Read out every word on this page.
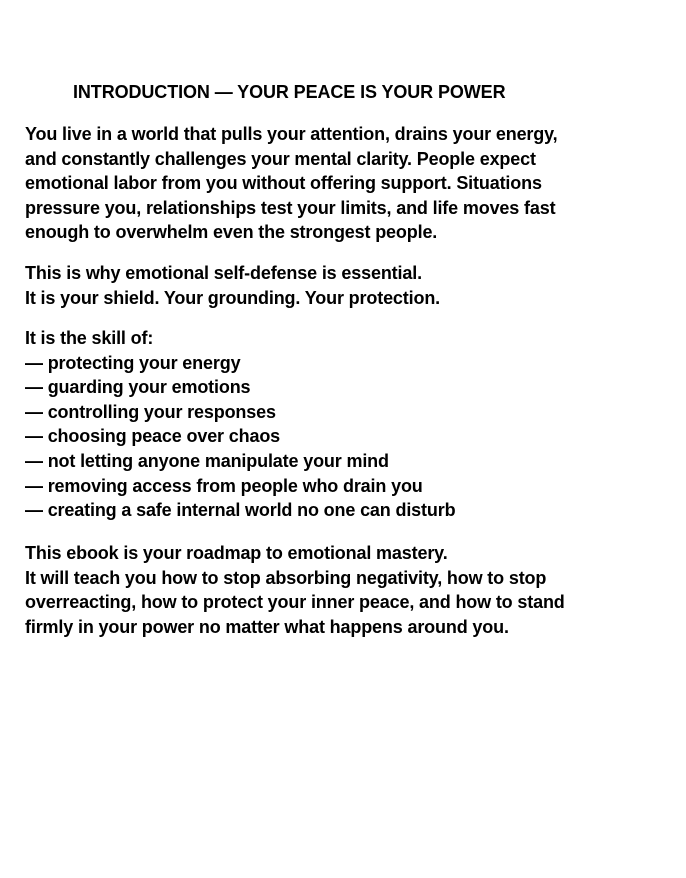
INTRODUCTION — YOUR PEACE IS YOUR POWER

You live in a world that pulls your attention, drains your energy,
and constantly challenges your mental clarity. People expect
emotional labor from you without offering support. Situations
pressure you, relationships test your limits, and life moves fast
enough to overwhelm even the strongest people.

This is why emotional self-defense is essential.
It is your shield. Your grounding. Your protection.

It is the skill of:
— protecting your energy
— guarding your emotions
— controlling your responses
— choosing peace over chaos
— not letting anyone manipulate your mind
— removing access from people who drain you
— creating a safe internal world no one can disturb

This ebook is your roadmap to emotional mastery.
It will teach you how to stop absorbing negativity, how to stop
overreacting, how to protect your inner peace, and how to stand
firmly in your power no matter what happens around you.
